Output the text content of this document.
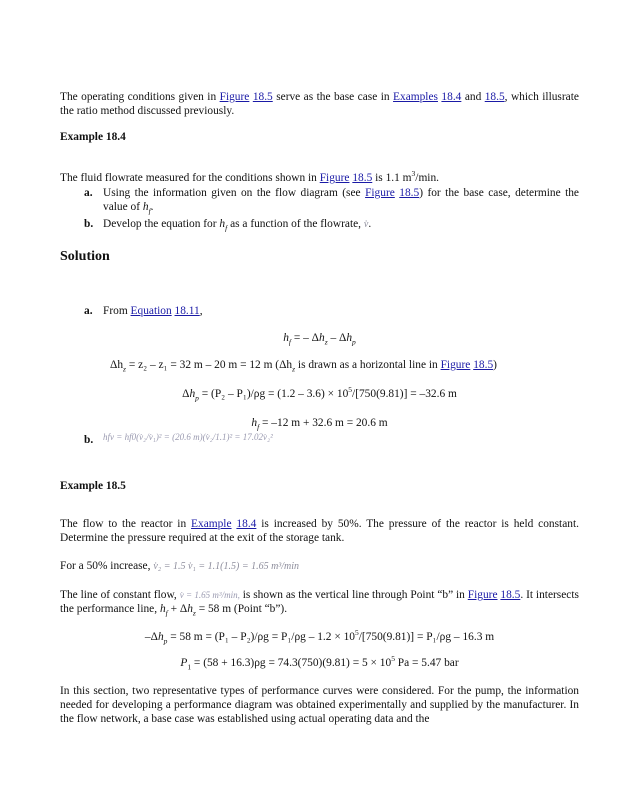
The operating conditions given in Figure 18.5 serve as the base case in Examples 18.4 and 18.5, which illusrate the ratio method discussed previously.

Example 18.4

The fluid flowrate measured for the conditions shown in Figure 18.5 is 1.1 $m^3/\min$.

a. Using the information given on the flow diagram (see Figure 18.5) for the base case, determine the value of $h_f$.
b. Develop the equation for $h_f$ as a function of the flowrate, v̇.

Solution

a. From Equation 18.11,

$h_f$ = – $\Delta h_z - \Delta h_p$

$\Delta h_z = z_2 - z_1 = 32$ m – 20 m = 12 m ($\Delta h_z$ is drawn as a horizontal line in Figure 18.5)

$\Delta h_p = (P_2 - P_1)/\rho g = (1.2 - 3.6) \times 10^5/[750(9.81)] = -32.6$ m

$h_f = -12$ m + 32.6 m = 20.6 m

b. hfv = hf0(v̇₂/v̇₁)² = (20.6 m)(v̇₂/1.1)² = 17.02v̇₂²

Example 18.5

The flow to the reactor in Example 18.4 is increased by 50%. The pressure of the reactor is held constant. Determine the pressure required at the exit of the storage tank.

For a 50% increase, v̇₂ = 1.5 v̇₁ = 1.1(1.5) = 1.65 m³/min

The line of constant flow, v̇ = 1.65 m³/min, is shown as the vertical line through Point “b” in Figure 18.5. It intersects the performance line, $h_f + \Delta h_z = 58$ m (Point “b”).

$-\Delta h_p = 58$ $m = (P_1 - P_2)/\rho g = P_1/\rho g - 1.2 \times 10^5/[750(9.81)] = P_1/\rho g - 16.3$ m

$P_1 = (58 + 16.3)\rho g = 74.3(750)(9.81) = 5 \times 10^5$ Pa = 5.47 bar

In this section, two representative types of performance curves were considered. For the pump, the information needed for developing a performance diagram was obtained experimentally and supplied by the manufacturer. In the flow network, a base case was established using actual operating data and the
